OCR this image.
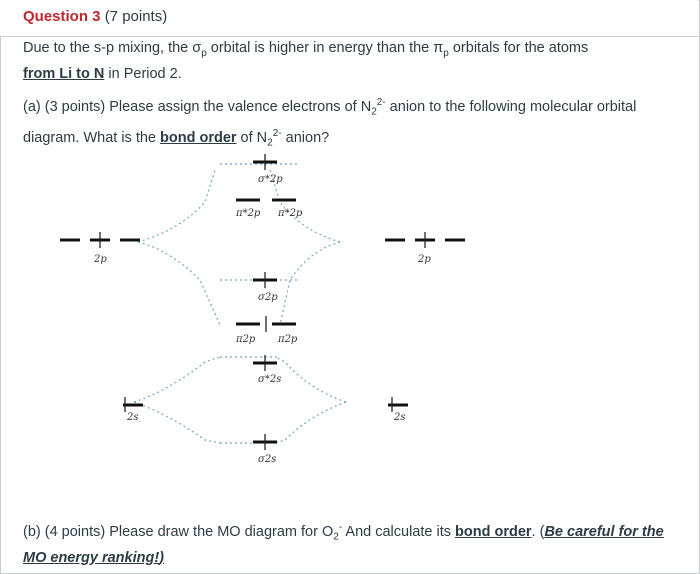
Question 3 (7 points)
Due to the s-p mixing, the $\sigma_p$ orbital is higher in energy than the $\pi_p$ orbitals for the atoms
from Li to N in Period 2.
(a) (3 points) Please assign the valence electrons of $N_2^{2-}$ anion to the following molecular orbital diagram. What is the bond order of $N_2^{2-}$ anion?
2p	2p
2s	2s
σ*2p
π*2p π*2p
σ2p
π2p π2p
σ*2s
σ2s
(b) (4 points) Please draw the MO diagram for $O_2^-$ And calculate its bond order. (Be careful for the MO energy ranking!)
